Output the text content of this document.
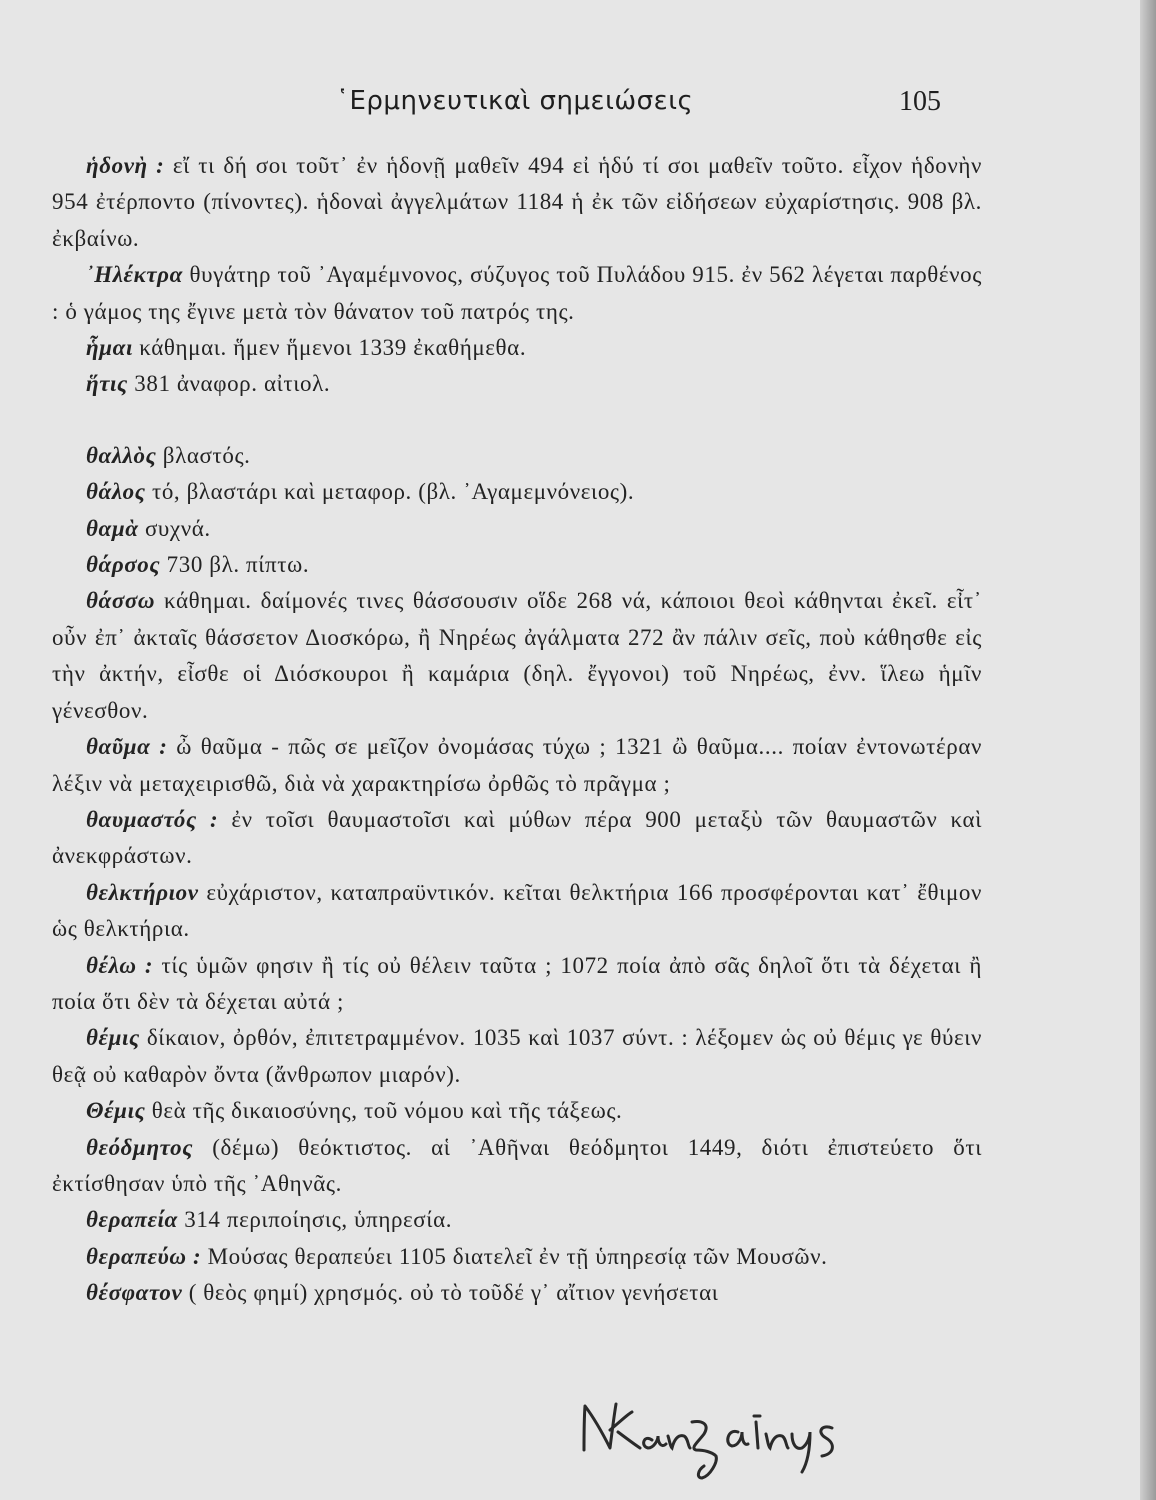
῾Ερμηνευτικαὶ σημειώσεις	105

ἡδονὴ : εἴ τι δή σοι τοῦτ᾽ ἐν ἡδονῇ μαθεῖν 494 εἰ ἡδύ τί σοι μαθεῖν τοῦτο. εἶχον ἡδονὴν 954 ἐτέρποντο (πίνοντες). ἡδοναὶ ἀγγελμάτων 1184 ἡ ἐκ τῶν εἰδήσεων εὐχαρίστησις. 908 βλ. ἐκβαίνω.

᾽Ηλέκτρα θυγάτηρ τοῦ ᾽Αγαμέμνονος, σύζυγος τοῦ Πυλάδου 915. ἐν 562 λέγεται παρθένος : ὁ γάμος της ἔγινε μετὰ τὸν θάνατον τοῦ πατρός της.

ἧμαι κάθημαι. ἥμεν ἥμενοι 1339 ἐκαθήμεθα.

ἥτις 381 ἀναφορ. αἰτιολ.

θαλλὸς βλαστός.

θάλος τό, βλαστάρι καὶ μεταφορ. (βλ. ᾽Αγαμεμνόνειος).

θαμὰ συχνά.

θάρσος 730 βλ. πίπτω.

θάσσω κάθημαι. δαίμονές τινες θάσσουσιν οἵδε 268 νά, κάποιοι θεοὶ κάθηνται ἐκεῖ. εἶτ᾽ οὖν ἐπ᾽ ἀκταῖς θάσσετον Διοσκόρω, ἢ Νηρέως ἀγάλματα 272 ἂν πάλιν σεῖς, ποὺ κάθησθε εἰς τὴν ἀκτήν, εἶσθε οἱ Διόσκουροι ἢ καμάρια (δηλ. ἔγγονοι) τοῦ Νηρέως, ἐνν. ἵλεω ἡμῖν γένεσθον.

θαῦμα : ὦ θαῦμα - πῶς σε μεῖζον ὀνομάσας τύχω ; 1321 ὢ θαῦμα.... ποίαν ἐντονωτέραν λέξιν νὰ μεταχειρισθῶ, διὰ νὰ χαρακτηρίσω ὀρθῶς τὸ πρᾶγμα ;

θαυμαστός : ἐν τοῖσι θαυμαστοῖσι καὶ μύθων πέρα 900 μεταξὺ τῶν θαυμαστῶν καὶ ἀνεκφράστων.

θελκτήριον εὐχάριστον, καταπραϋντικόν. κεῖται θελκτήρια 166 προσφέρονται κατ᾽ ἔθιμον ὡς θελκτήρια.

θέλω : τίς ὑμῶν φησιν ἢ τίς οὐ θέλειν ταῦτα ; 1072 ποία ἀπὸ σᾶς δηλοῖ ὅτι τὰ δέχεται ἢ ποία ὅτι δὲν τὰ δέχεται αὐτά ;

θέμις δίκαιον, ὀρθόν, ἐπιτετραμμένον. 1035 καὶ 1037 σύντ. : λέξομεν ὡς οὐ θέμις γε θύειν θεᾷ οὐ καθαρὸν ὄντα (ἄνθρωπον μιαρόν).

Θέμις θεὰ τῆς δικαιοσύνης, τοῦ νόμου καὶ τῆς τάξεως.

θεόδμητος (δέμω) θεόκτιστος. αἱ ᾽Αθῆναι θεόδμητοι 1449, διότι ἐπιστεύετο ὅτι ἐκτίσθησαν ὑπὸ τῆς ᾽Αθηνᾶς.

θεραπεία 314 περιποίησις, ὑπηρεσία.

θεραπεύω : Μούσας θεραπεύει 1105 διατελεῖ ἐν τῇ ὑπηρεσίᾳ τῶν Μουσῶν.

θέσφατον ( θεὸς φημί) χρησμός. οὐ τὸ τοῦδέ γ᾽ αἴτιον γενήσεται
